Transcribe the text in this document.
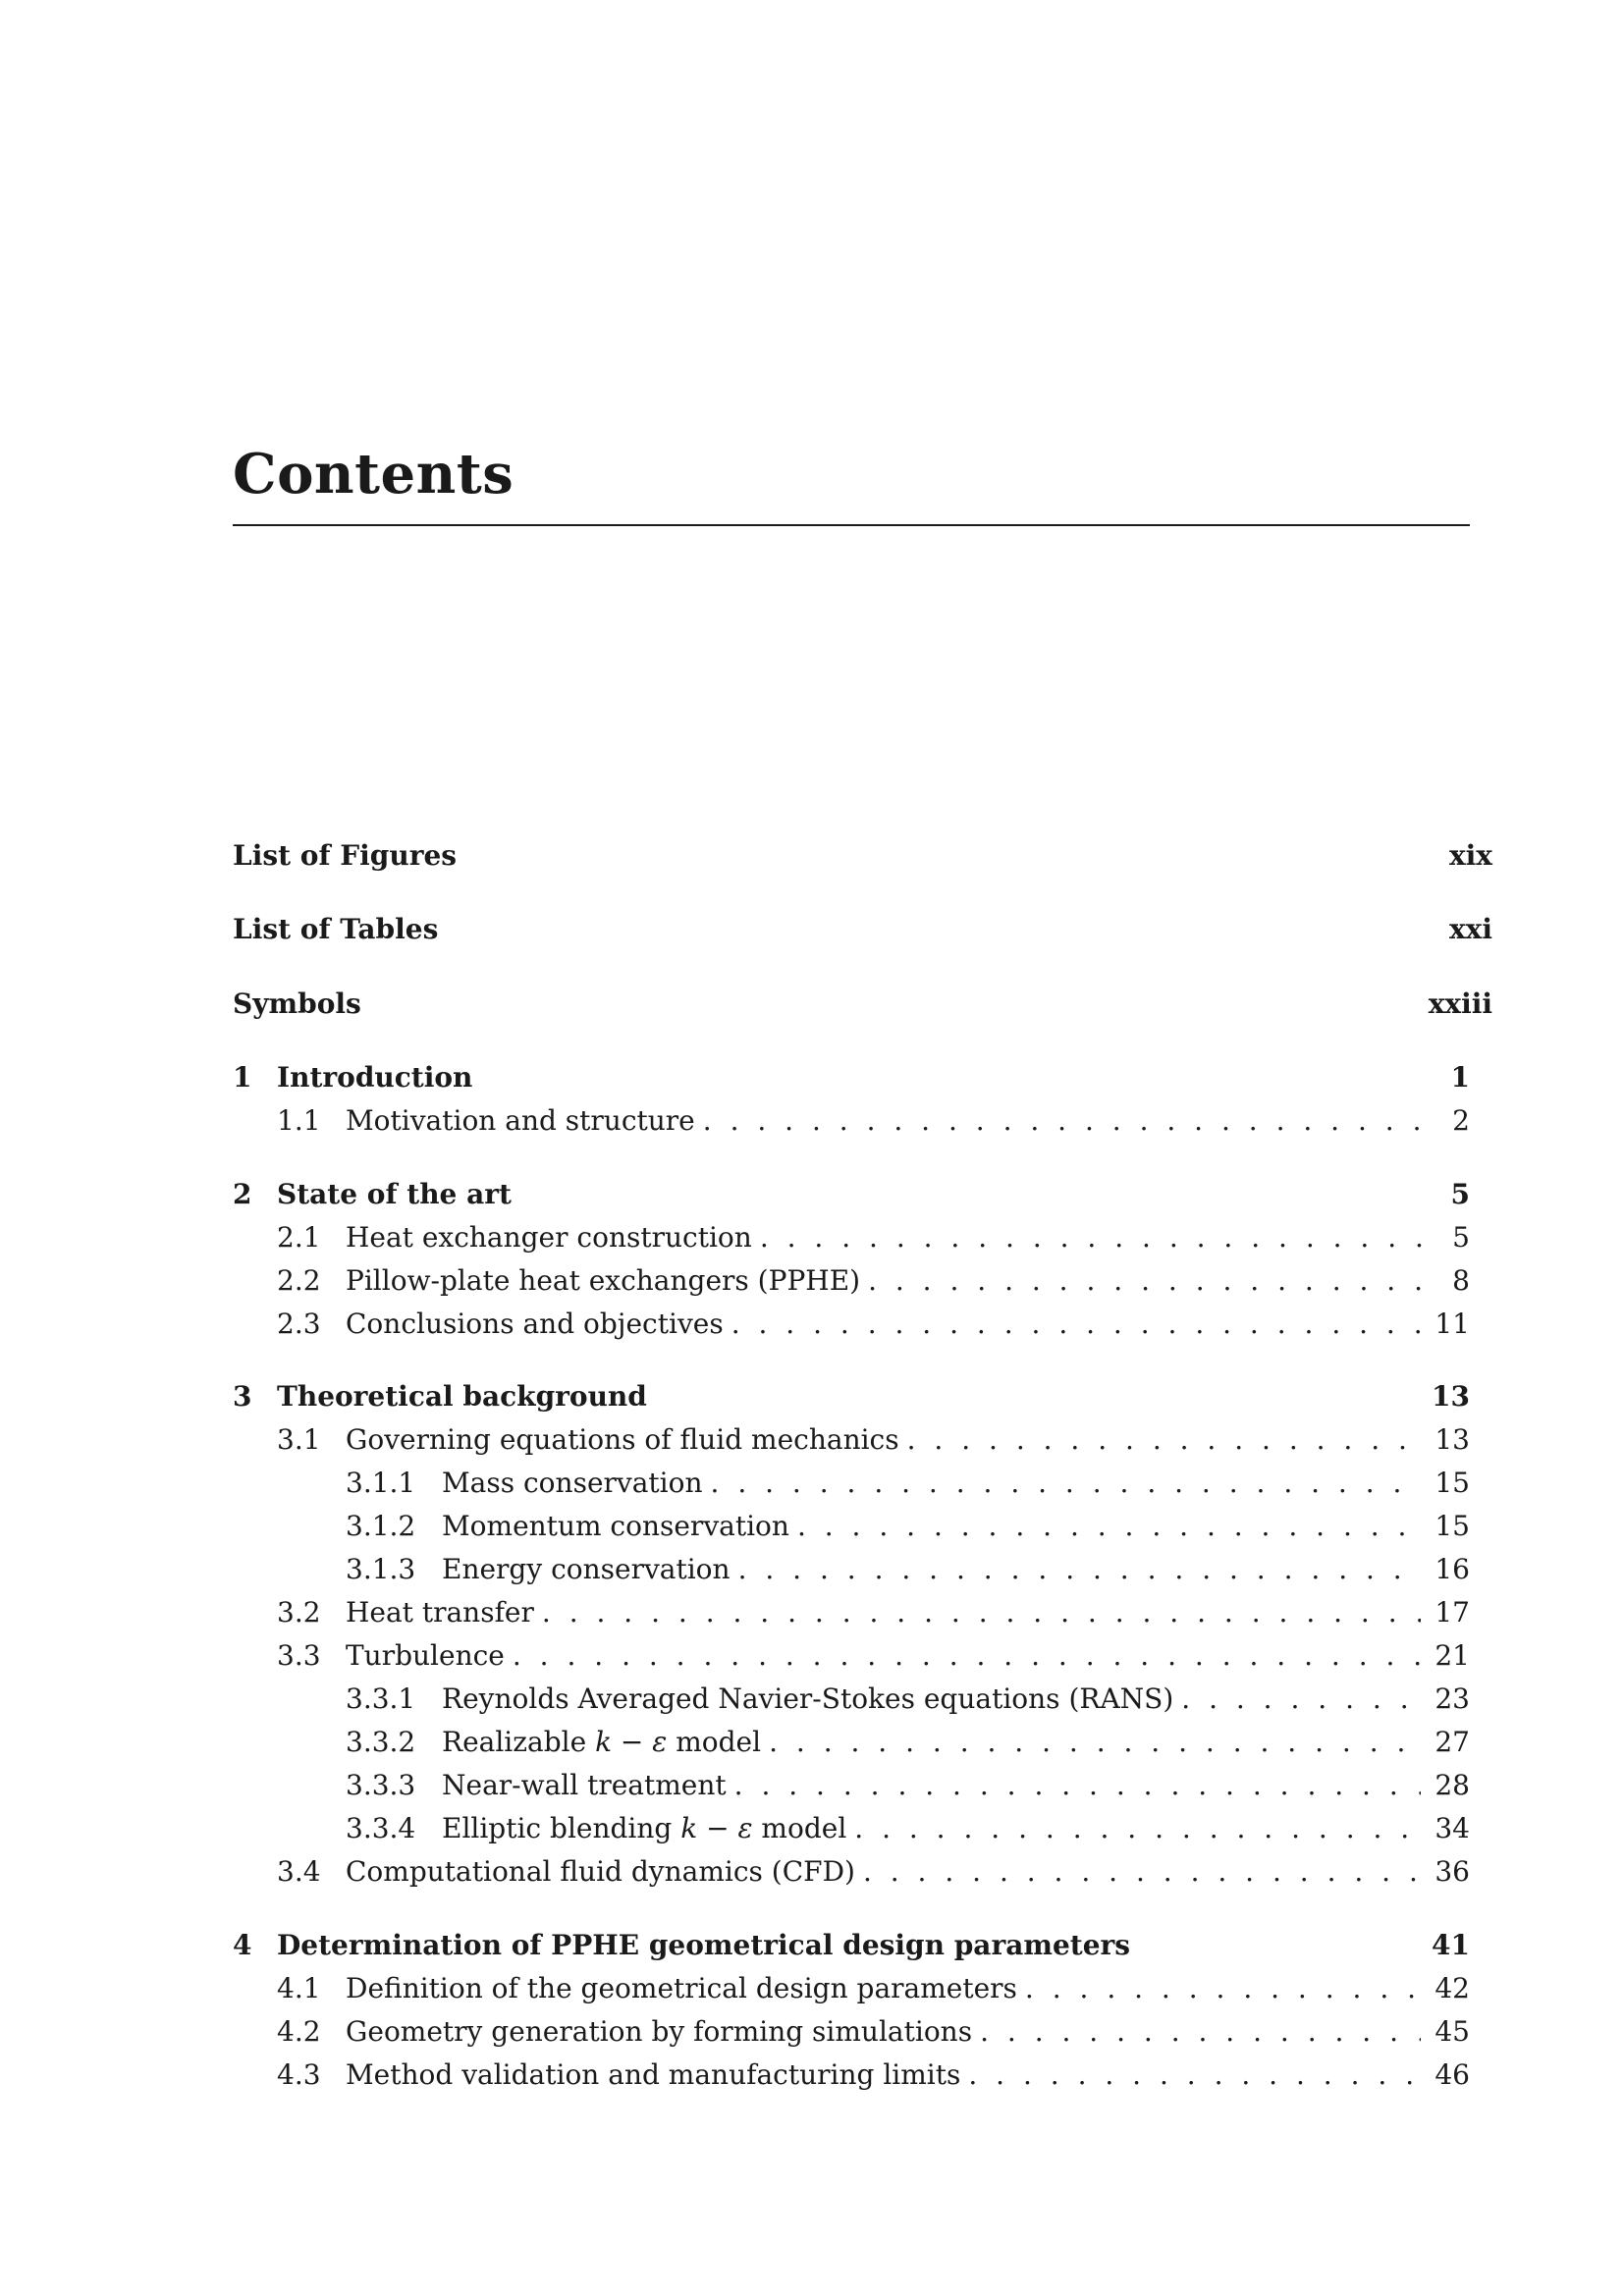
Contents
List of Figures	xix
List of Tables	xxi
Symbols	xxiii
1 Introduction	1
1.1 Motivation and structure . . .	2
2 State of the art	5
2.1 Heat exchanger construction . . .	5
2.2 Pillow-plate heat exchangers (PPHE) . . .	8
2.3 Conclusions and objectives . . .	11
3 Theoretical background	13
3.1 Governing equations of fluid mechanics . . .	13
3.1.1 Mass conservation . . .	15
3.1.2 Momentum conservation . . .	15
3.1.3 Energy conservation . . .	16
3.2 Heat transfer . . .	17
3.3 Turbulence . . .	21
3.3.1 Reynolds Averaged Navier-Stokes equations (RANS) . . .	23
3.3.2 Realizable k − ε model . . .	27
3.3.3 Near-wall treatment . . .	28
3.3.4 Elliptic blending k − ε model . . .	34
3.4 Computational fluid dynamics (CFD) . . .	36
4 Determination of PPHE geometrical design parameters	41
4.1 Definition of the geometrical design parameters . . .	42
4.2 Geometry generation by forming simulations . . .	45
4.3 Method validation and manufacturing limits . . .	46
